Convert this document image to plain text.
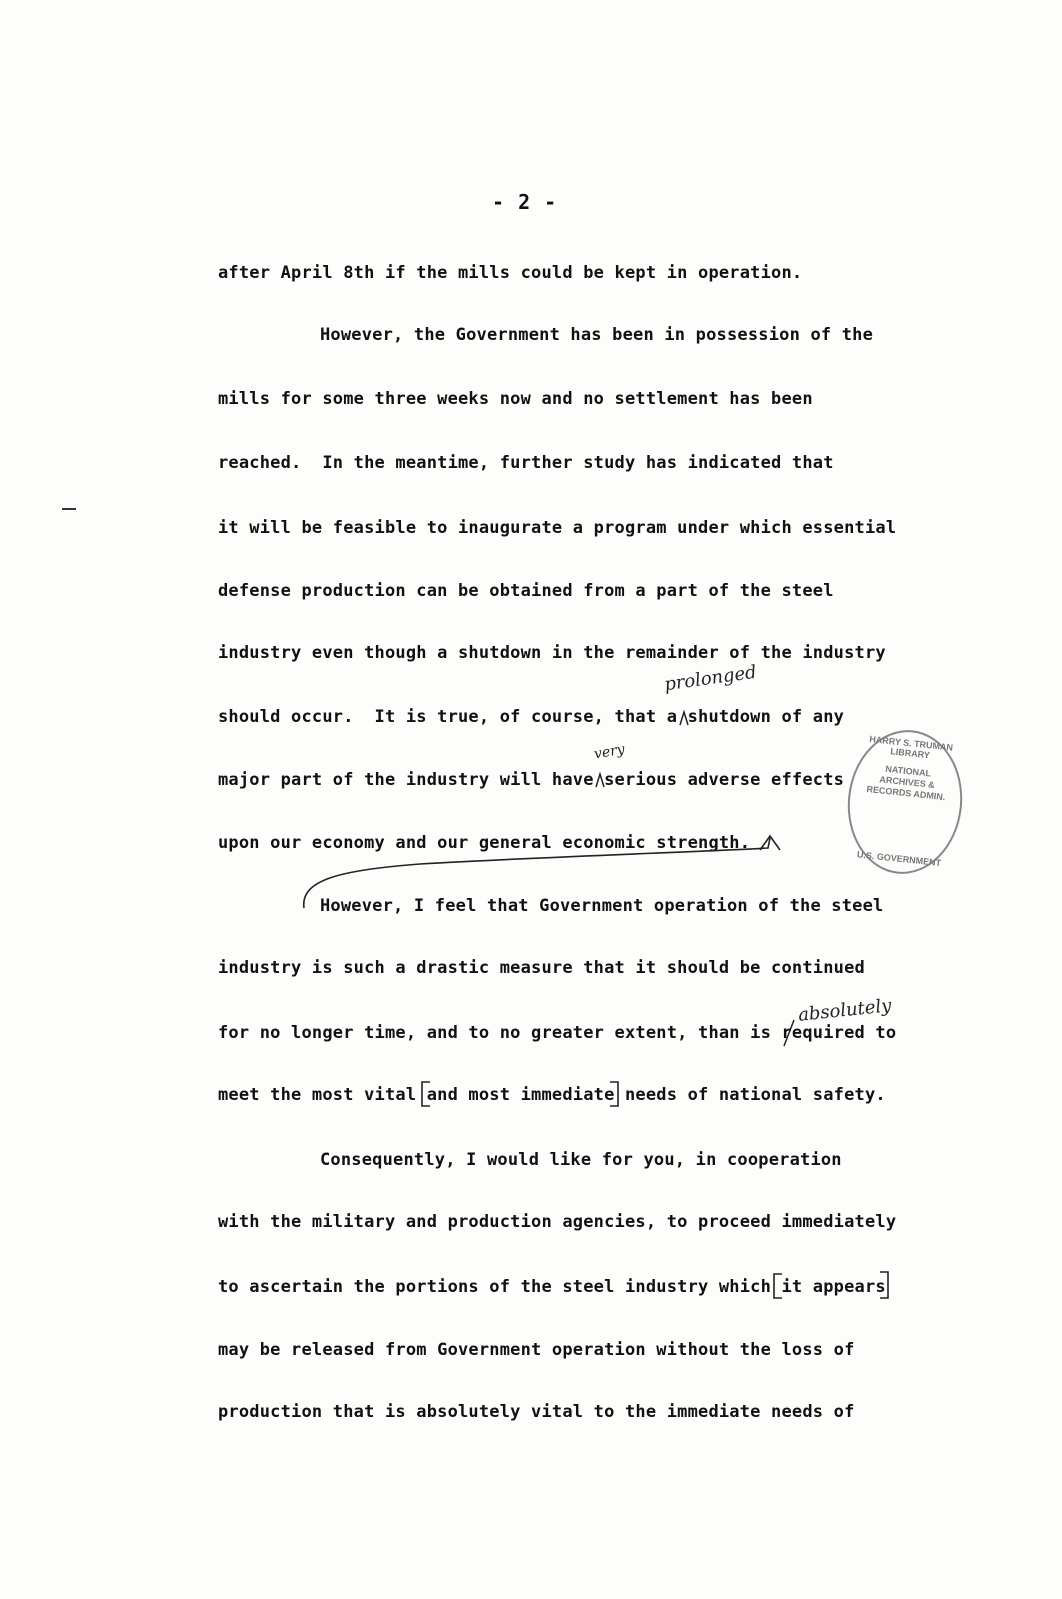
- 2 -
after April 8th if the mills could be kept in operation.
However, the Government has been in possession of the
mills for some three weeks now and no settlement has been
reached.  In the meantime, further study has indicated that
it will be feasible to inaugurate a program under which essential
defense production can be obtained from a part of the steel
industry even though a shutdown in the remainder of the industry
should occur.  It is true, of course, that a shutdown of any
major part of the industry will have serious adverse effects
upon our economy and our general economic strength.
However, I feel that Government operation of the steel
industry is such a drastic measure that it should be continued
for no longer time, and to no greater extent, than is required to
meet the most vital and most immediate needs of national safety.
Consequently, I would like for you, in cooperation
with the military and production agencies, to proceed immediately
to ascertain the portions of the steel industry which it appears
may be released from Government operation without the loss of
production that is absolutely vital to the immediate needs of
prolonged
very
absolutely
HARRY S. TRUMAN LIBRARY
NATIONAL ARCHIVES & RECORDS ADMIN.
U.S. GOVERNMENT
